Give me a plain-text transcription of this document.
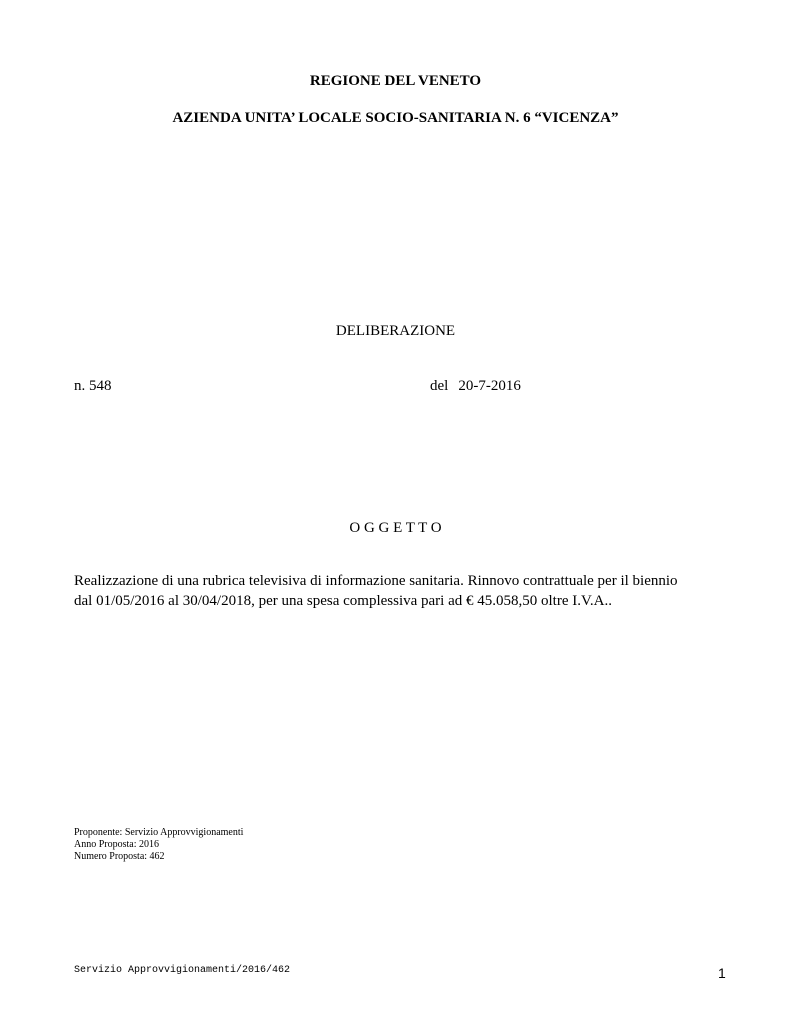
REGIONE DEL VENETO
AZIENDA UNITA’ LOCALE SOCIO-SANITARIA N. 6 “VICENZA”
DELIBERAZIONE
n. 548	del 20-7-2016
O G G E T T O
Realizzazione di una rubrica televisiva di informazione sanitaria. Rinnovo contrattuale per il biennio
dal 01/05/2016 al 30/04/2018, per una spesa complessiva pari ad € 45.058,50 oltre I.V.A..
Proponente: Servizio Approvvigionamenti
Anno Proposta: 2016
Numero Proposta: 462
Servizio Approvvigionamenti/2016/462	1
